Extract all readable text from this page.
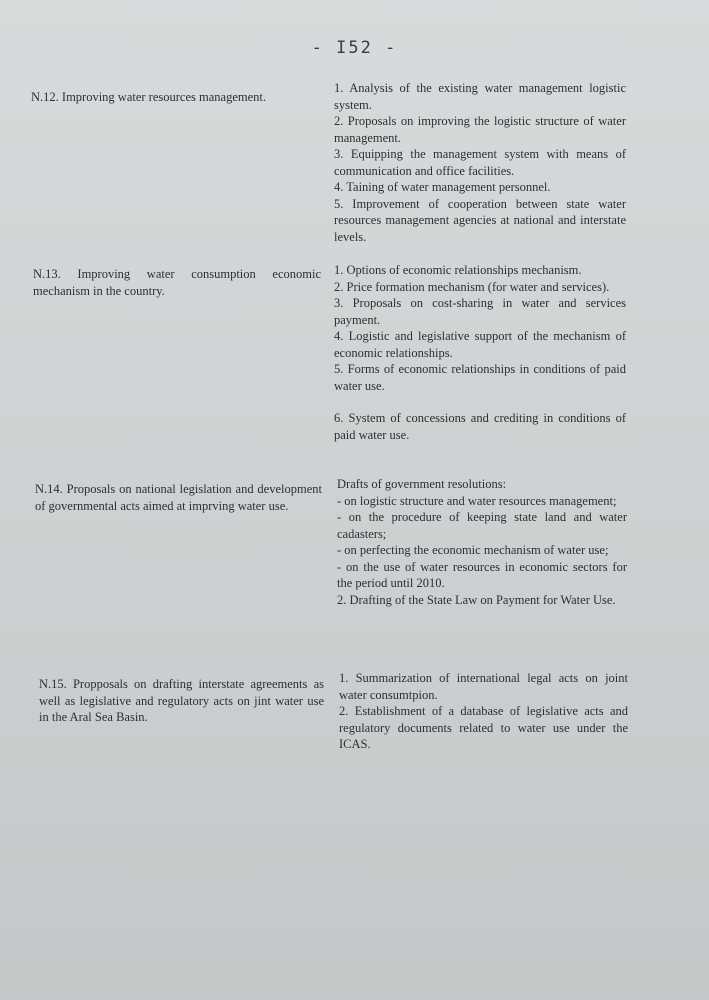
- I52 -
N.12. Improving water resources management.
1. Analysis of the existing water management logistic system.
2. Proposals on improving the logistic structure of water management.
3. Equipping the management system with means of communication and office facilities.
4. Taining of water management personnel.
5. Improvement of cooperation between state water resources management agencies at national and interstate levels.
N.13. Improving water consumption economic mechanism in the country.
1. Options of economic relationships mechanism.
2. Price formation mechanism (for water and services).
3. Proposals on cost-sharing in water and services payment.
4. Logistic and legislative support of the mechanism of economic relationships.
5. Forms of economic relationships in conditions of paid water use.
6. System of concessions and crediting in conditions of paid water use.
N.14. Proposals on national legislation and development of governmental acts aimed at imprving water use.
Drafts of government resolutions:
- on logistic structure and water resources management;
- on the procedure of keeping state land and water cadasters;
- on perfecting the economic mechanism of water use;
- on the use of water resources in economic sectors for the period until 2010.
2. Drafting of the State Law on Payment for Water Use.
N.15. Propposals on drafting interstate agreements as well as legislative and regulatory acts on jint water use in the Aral Sea Basin.
1. Summarization of international legal acts on joint water consumtpion.
2. Establishment of a database of legislative acts and regulatory documents related to water use under the ICAS.
